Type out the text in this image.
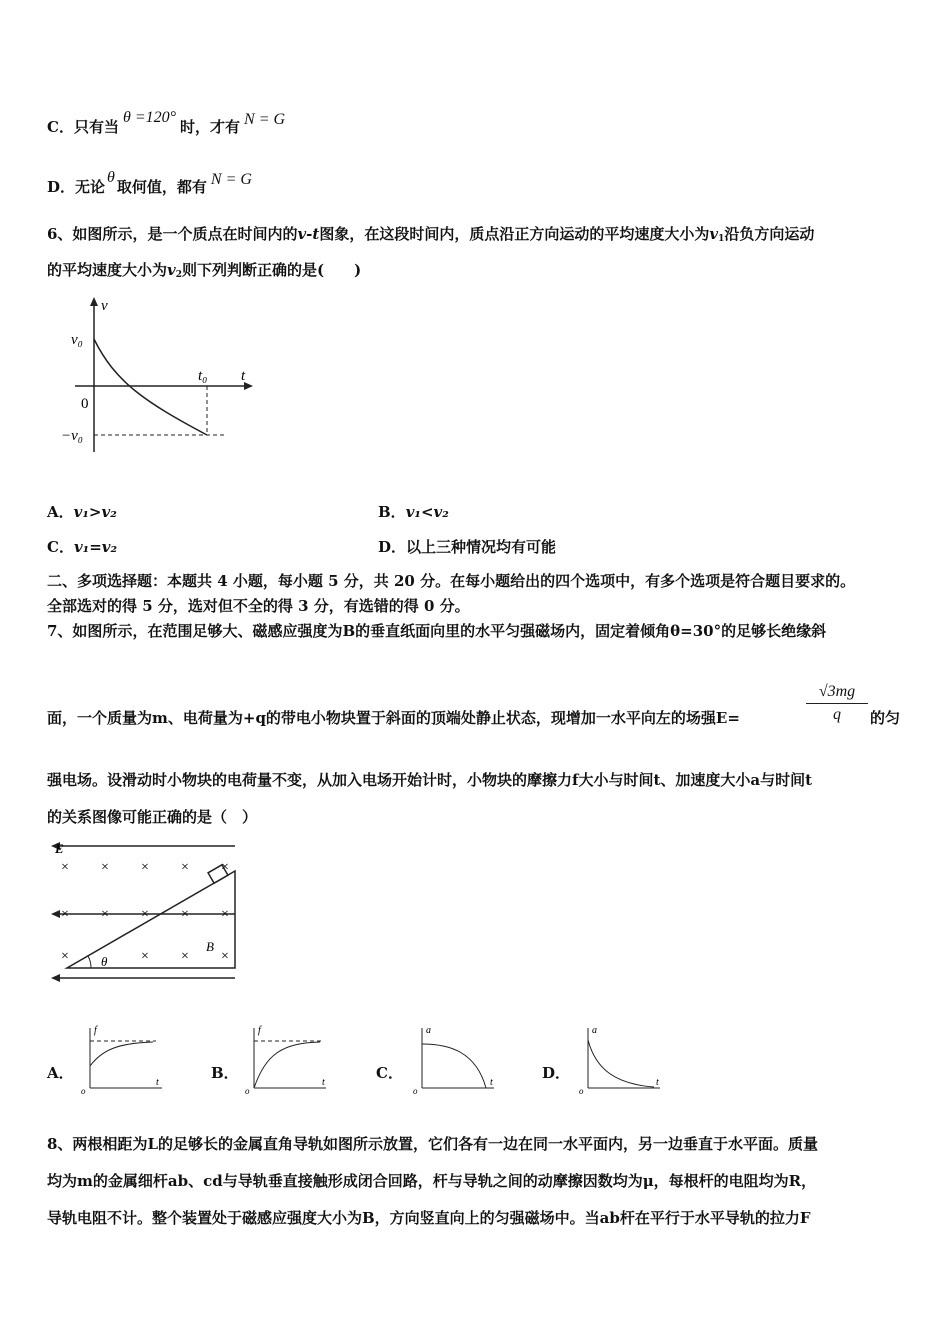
C．只有当θ =120°时，才有 N = G
D．无论θ取何值，都有 N = G
6、如图所示，是一个质点在时间内的v-t图象，在这段时间内，质点沿正方向运动的平均速度大小为$v_1$沿负方向运动
的平均速度大小为$v_2$则下列判断正确的是(　　)
v
t
v₀
−v₀
0
t₀
A．v₁>v₂	B．v₁<v₂
C．v₁=v₂	D．以上三种情况均有可能
二、多项选择题：本题共 4 小题，每小题 5 分，共 20 分。在每小题给出的四个选项中，有多个选项是符合题目要求的。
全部选对的得 5 分，选对但不全的得 3 分，有选错的得 0 分。
7、如图所示，在范围足够大、磁感应强度为B的垂直纸面向里的水平匀强磁场内，固定着倾角θ=30°的足够长绝缘斜
面，一个质量为m、电荷量为+q的带电小物块置于斜面的顶端处静止状态，现增加一水平向左的场强E=
√3mg
q	的匀
强电场。设滑动时小物块的电荷量不变，从加入电场开始计时，小物块的摩擦力f大小与时间t、加速度大小a与时间t
的关系图像可能正确的是（　）
θ
E
B
× × × × ×
× × × × ×
×	× × ×
A．
f
t
o
B．
f
t
o
C．
a
t
o
D．
a
t
o
8、两根相距为L的足够长的金属直角导轨如图所示放置，它们各有一边在同一水平面内，另一边垂直于水平面。质量
均为m的金属细杆ab、cd与导轨垂直接触形成闭合回路，杆与导轨之间的动摩擦因数均为μ，每根杆的电阻均为R，
导轨电阻不计。整个装置处于磁感应强度大小为B，方向竖直向上的匀强磁场中。当ab杆在平行于水平导轨的拉力F
